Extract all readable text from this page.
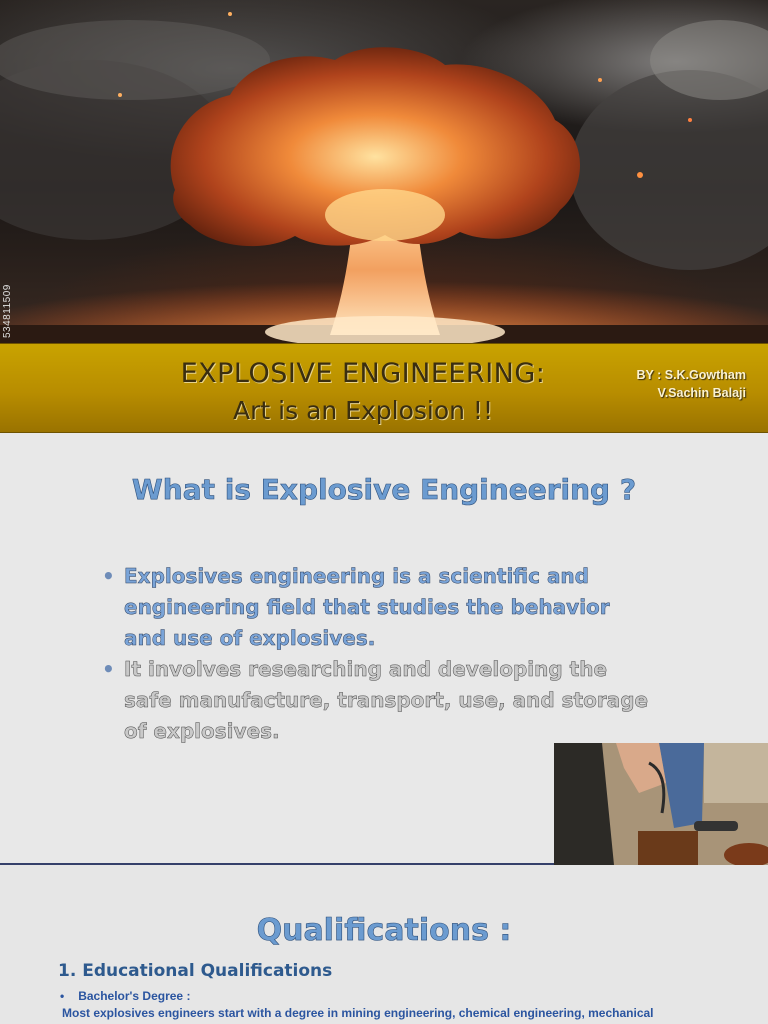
534811509
EXPLOSIVE ENGINEERING:
Art is an Explosion !!
BY : S.K.Gowtham
V.Sachin Balaji
What is Explosive Engineering ?
• Explosives engineering is a scientific and engineering field that studies the behavior and use of explosives.
• It involves researching and developing the safe manufacture, transport, use, and storage of explosives.
Qualifications :
1. Educational Qualifications
• Bachelor's Degree :
Most explosives engineers start with a degree in mining engineering, chemical engineering, mechanical
